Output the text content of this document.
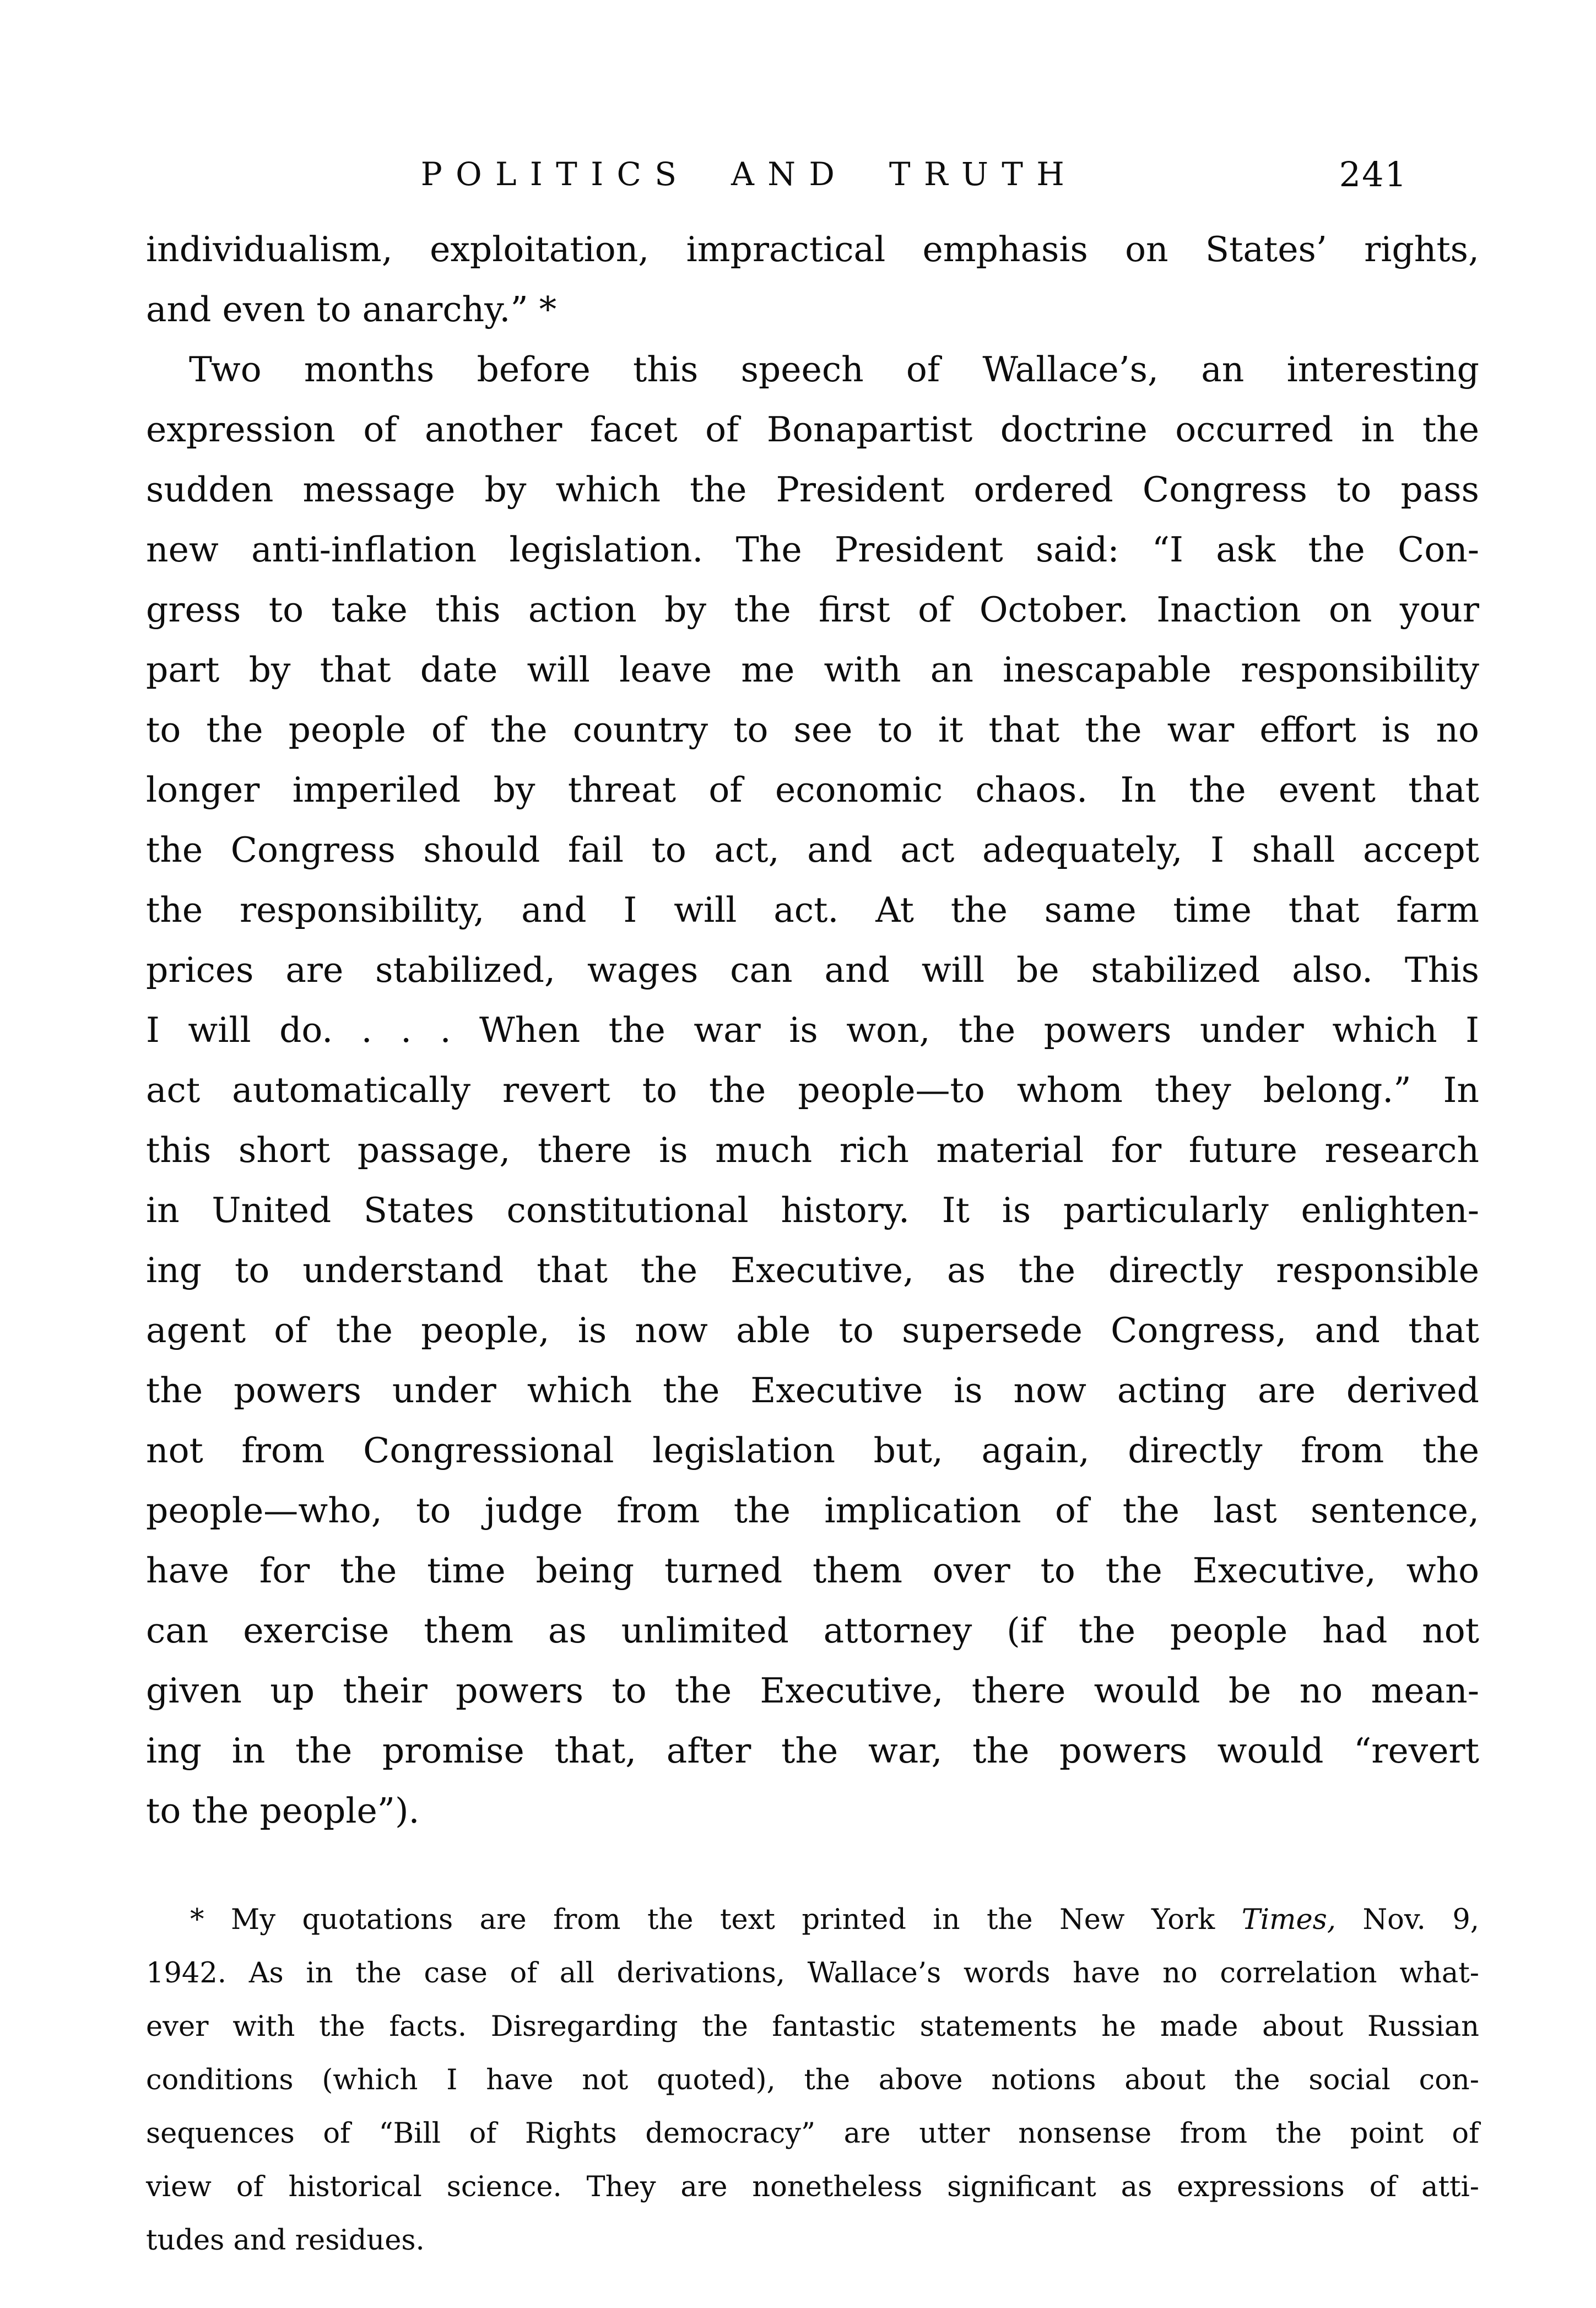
POLITICS AND TRUTH	241
individualism, exploitation, impractical emphasis on States’ rights,
and even to anarchy.” *
Two months before this speech of Wallace’s, an interesting
expression of another facet of Bonapartist doctrine occurred in the
sudden message by which the President ordered Congress to pass
new anti-inflation legislation. The President said: “I ask the Con-
gress to take this action by the first of October. Inaction on your
part by that date will leave me with an inescapable responsibility
to the people of the country to see to it that the war effort is no
longer imperiled by threat of economic chaos. In the event that
the Congress should fail to act, and act adequately, I shall accept
the responsibility, and I will act. At the same time that farm
prices are stabilized, wages can and will be stabilized also. This
I will do. . . . When the war is won, the powers under which I
act automatically revert to the people—to whom they belong.” In
this short passage, there is much rich material for future research
in United States constitutional history. It is particularly enlighten-
ing to understand that the Executive, as the directly responsible
agent of the people, is now able to supersede Congress, and that
the powers under which the Executive is now acting are derived
not from Congressional legislation but, again, directly from the
people—who, to judge from the implication of the last sentence,
have for the time being turned them over to the Executive, who
can exercise them as unlimited attorney (if the people had not
given up their powers to the Executive, there would be no mean-
ing in the promise that, after the war, the powers would “revert
to the people”).
* My quotations are from the text printed in the New York Times, Nov. 9,
1942. As in the case of all derivations, Wallace’s words have no correlation what-
ever with the facts. Disregarding the fantastic statements he made about Russian
conditions (which I have not quoted), the above notions about the social con-
sequences of “Bill of Rights democracy” are utter nonsense from the point of
view of historical science. They are nonetheless significant as expressions of atti-
tudes and residues.
